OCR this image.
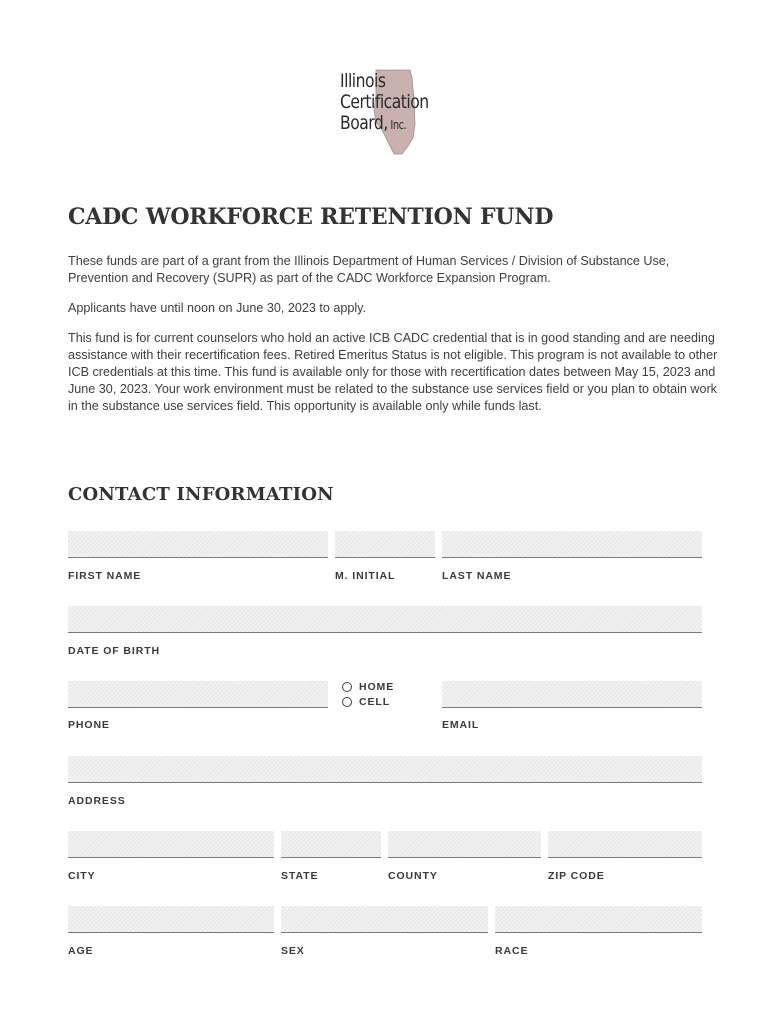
Illinois
Certification
Board, Inc.
CADC WORKFORCE RETENTION FUND

These funds are part of a grant from the Illinois Department of Human Services / Division of Substance Use, Prevention and Recovery (SUPR) as part of the CADC Workforce Expansion Program.

Applicants have until noon on June 30, 2023 to apply.

This fund is for current counselors who hold an active ICB CADC credential that is in good standing and are needing assistance with their recertification fees. Retired Emeritus Status is not eligible. This program is not available to other ICB credentials at this time. This fund is available only for those with recertification dates between May 15, 2023 and June 30, 2023. Your work environment must be related to the substance use services field or you plan to obtain work in the substance use services field. This opportunity is available only while funds last.

CONTACT INFORMATION
FIRST NAME	M. INITIAL	LAST NAME
DATE OF BIRTH
HOME
CELL
PHONE	EMAIL
ADDRESS
CITY	STATE	COUNTY	ZIP CODE
AGE	SEX	RACE
